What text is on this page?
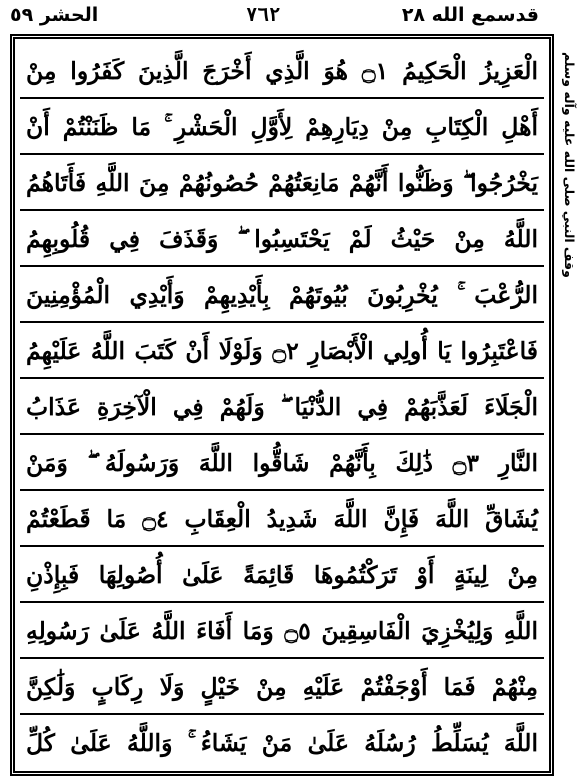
الحشر ٥٩	٧٦٢	قدسمع الله ٢٨
الْعَزِيزُ الْحَكِيمُ ۝١ هُوَ الَّذِي أَخْرَجَ الَّذِينَ كَفَرُوا مِنْ
أَهْلِ الْكِتَابِ مِنْ دِيَارِهِمْ لِأَوَّلِ الْحَشْرِ ۚ مَا ظَنَنْتُمْ أَنْ
يَخْرُجُوا ۖ وَظَنُّوا أَنَّهُمْ مَانِعَتُهُمْ حُصُونُهُمْ مِنَ اللَّهِ فَأَتَاهُمُ
اللَّهُ مِنْ حَيْثُ لَمْ يَحْتَسِبُوا ۖ وَقَذَفَ فِي قُلُوبِهِمُ
الرُّعْبَ ۚ يُخْرِبُونَ بُيُوتَهُمْ بِأَيْدِيهِمْ وَأَيْدِي الْمُؤْمِنِينَ
فَاعْتَبِرُوا يَا أُولِي الْأَبْصَارِ ۝٢ وَلَوْلَا أَنْ كَتَبَ اللَّهُ عَلَيْهِمُ
الْجَلَاءَ لَعَذَّبَهُمْ فِي الدُّنْيَا ۖ وَلَهُمْ فِي الْآخِرَةِ عَذَابُ
النَّارِ ۝٣ ذَٰلِكَ بِأَنَّهُمْ شَاقُّوا اللَّهَ وَرَسُولَهُ ۖ وَمَنْ
يُشَاقِّ اللَّهَ فَإِنَّ اللَّهَ شَدِيدُ الْعِقَابِ ۝٤ مَا قَطَعْتُمْ
مِنْ لِينَةٍ أَوْ تَرَكْتُمُوهَا قَائِمَةً عَلَىٰ أُصُولِهَا فَبِإِذْنِ
اللَّهِ وَلِيُخْزِيَ الْفَاسِقِينَ ۝٥ وَمَا أَفَاءَ اللَّهُ عَلَىٰ رَسُولِهِ
مِنْهُمْ فَمَا أَوْجَفْتُمْ عَلَيْهِ مِنْ خَيْلٍ وَلَا رِكَابٍ وَلَٰكِنَّ
اللَّهَ يُسَلِّطُ رُسُلَهُ عَلَىٰ مَنْ يَشَاءُ ۚ وَاللَّهُ عَلَىٰ كُلِّ
وقف النبي صلى الله عليه وآله وسلم
